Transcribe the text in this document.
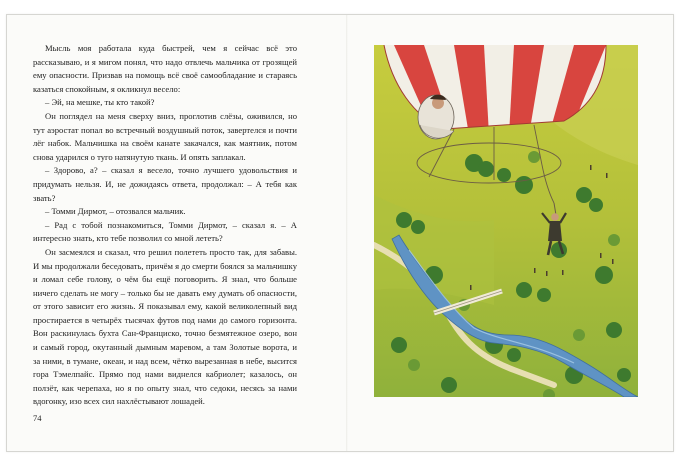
Мысль моя работала куда быстрей, чем я сейчас всё это рассказываю, и я мигом понял, что надо отвлечь мальчика от грозящей ему опасности. Призвав на помощь всё своё самообладание и стараясь казаться спокойным, я окликнул весело:

– Эй, на мешке, ты кто такой?

Он поглядел на меня сверху вниз, проглотив слёзы, оживился, но тут аэростат попал во встречный воздушный поток, завертелся и почти лёг набок. Мальчишка на своём канате закачался, как маятник, потом снова ударился о туго натянутую ткань. И опять заплакал.

– Здорово, а? – сказал я весело, точно лучшего удовольствия и придумать нельзя. И, не дожидаясь ответа, продолжал: – А тебя как звать?

– Томми Дирмот, – отозвался мальчик.

– Рад с тобой познакомиться, Томми Дирмот, – сказал я. – А интересно знать, кто тебе позволил со мной лететь?

Он засмеялся и сказал, что решил полететь просто так, для забавы. И мы продолжали беседовать, причём я до смерти боялся за мальчишку и ломал себе голову, о чём бы ещё поговорить. Я знал, что больше ничего сделать не могу – только бы не давать ему думать об опасности, от этого зависит его жизнь. Я показывал ему, какой великолепный вид простирается в четырёх тысячах футов под нами до самого горизонта. Вон раскинулась бухта Сан-Франциско, точно безмятежное озеро, вон и самый город, окутанный дымным маревом, а там Золотые ворота, и за ними, в тумане, океан, и над всем, чётко вырезанная в небе, высится гора Тэмелпайс. Прямо под нами виднелся кабриолет; казалось, он ползёт, как черепаха, но я по опыту знал, что седоки, несясь за нами вдогонку, изо всех сил нахлёстывают лошадей.

74
